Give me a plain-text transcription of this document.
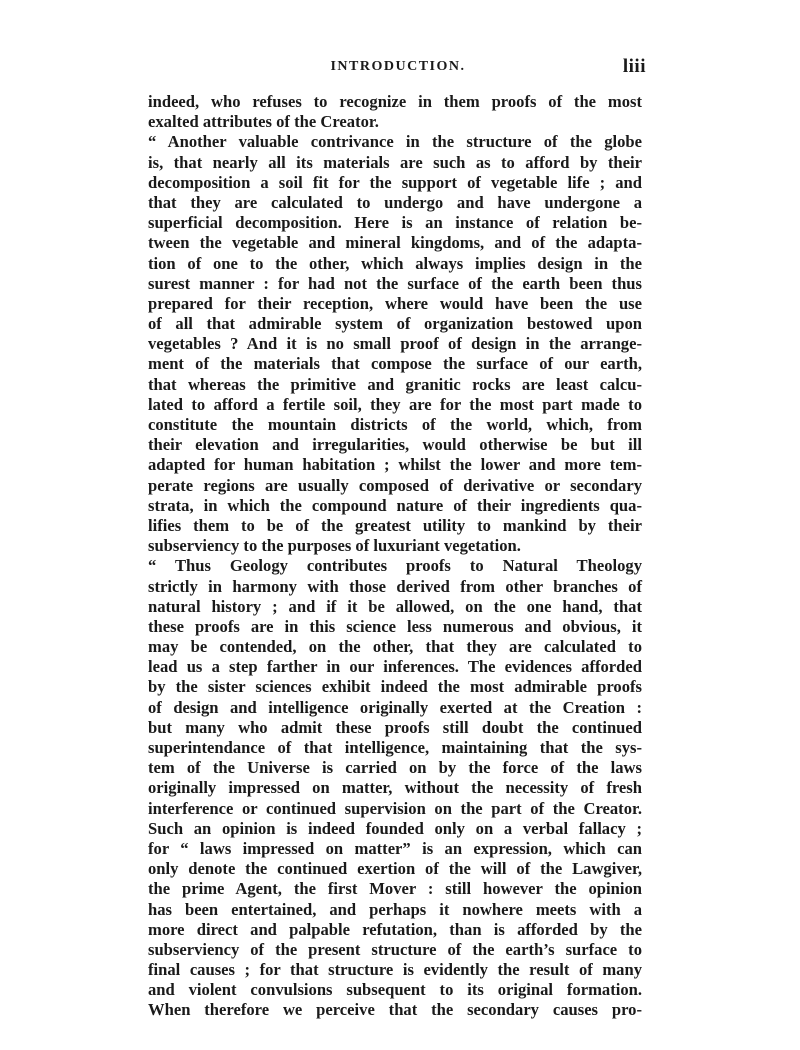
INTRODUCTION.	liii
indeed, who refuses to recognize in them proofs of the most
exalted attributes of the Creator.
“ Another valuable contrivance in the structure of the globe
is, that nearly all its materials are such as to afford by their
decomposition a soil fit for the support of vegetable life ; and
that they are calculated to undergo and have undergone a
superficial decomposition. Here is an instance of relation be-
tween the vegetable and mineral kingdoms, and of the adapta-
tion of one to the other, which always implies design in the
surest manner : for had not the surface of the earth been thus
prepared for their reception, where would have been the use
of all that admirable system of organization bestowed upon
vegetables ? And it is no small proof of design in the arrange-
ment of the materials that compose the surface of our earth,
that whereas the primitive and granitic rocks are least calcu-
lated to afford a fertile soil, they are for the most part made to
constitute the mountain districts of the world, which, from
their elevation and irregularities, would otherwise be but ill
adapted for human habitation ; whilst the lower and more tem-
perate regions are usually composed of derivative or secondary
strata, in which the compound nature of their ingredients qua-
lifies them to be of the greatest utility to mankind by their
subserviency to the purposes of luxuriant vegetation.
“ Thus Geology contributes proofs to Natural Theology
strictly in harmony with those derived from other branches of
natural history ; and if it be allowed, on the one hand, that
these proofs are in this science less numerous and obvious, it
may be contended, on the other, that they are calculated to
lead us a step farther in our inferences. The evidences afforded
by the sister sciences exhibit indeed the most admirable proofs
of design and intelligence originally exerted at the Creation :
but many who admit these proofs still doubt the continued
superintendance of that intelligence, maintaining that the sys-
tem of the Universe is carried on by the force of the laws
originally impressed on matter, without the necessity of fresh
interference or continued supervision on the part of the Creator.
Such an opinion is indeed founded only on a verbal fallacy ;
for “ laws impressed on matter” is an expression, which can
only denote the continued exertion of the will of the Lawgiver,
the prime Agent, the first Mover : still however the opinion
has been entertained, and perhaps it nowhere meets with a
more direct and palpable refutation, than is afforded by the
subserviency of the present structure of the earth’s surface to
final causes ; for that structure is evidently the result of many
and violent convulsions subsequent to its original formation.
When therefore we perceive that the secondary causes pro-
